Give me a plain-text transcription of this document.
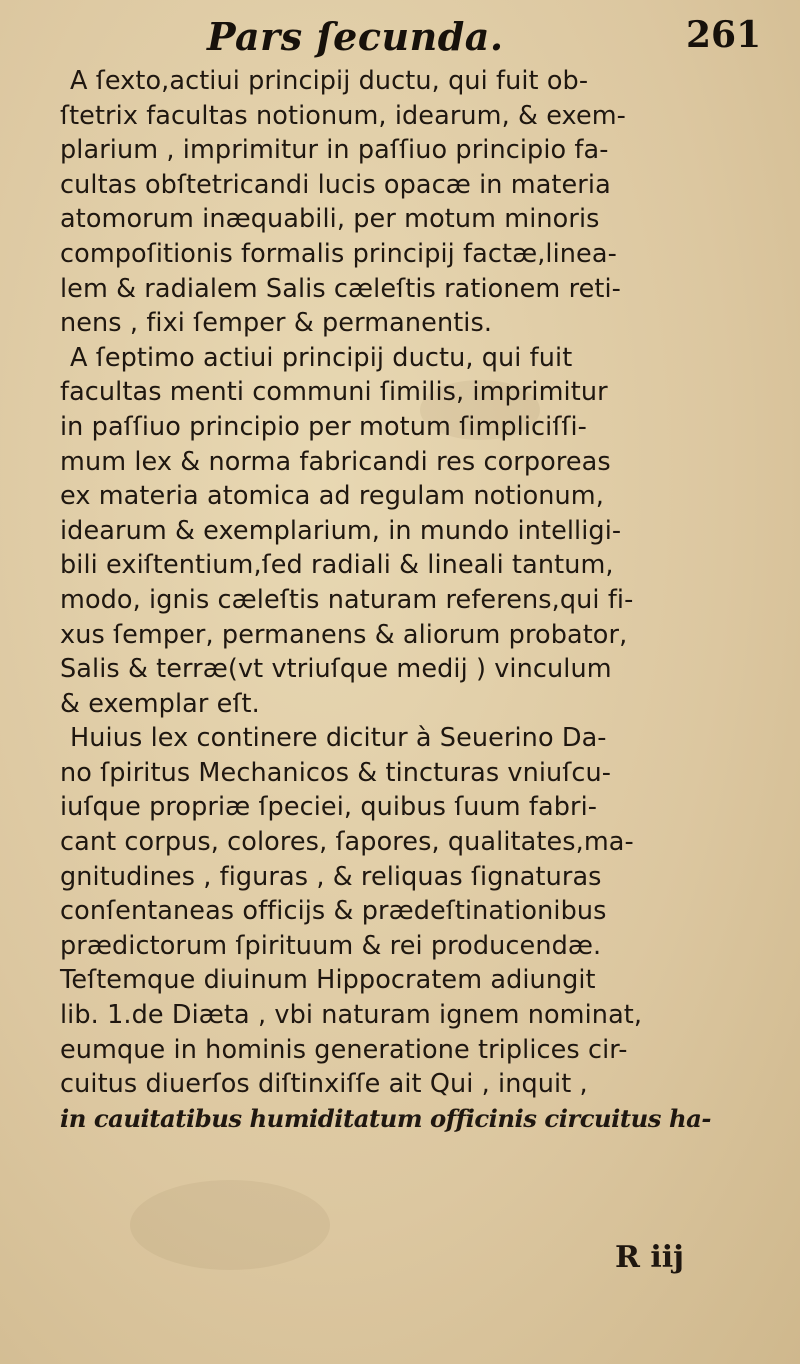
Pars ſecunda.	261
A ſexto,actiui principij ductu, qui fuit ob-
ſtetrix facultas notionum, idearum, & exem-
plarium , imprimitur in paſſiuo principio fa-
cultas obſtetricandi lucis opacæ in materia
atomorum inæquabili, per motum minoris
compoſitionis formalis principij factæ,linea-
lem & radialem Salis cæleſtis rationem reti-
nens , fixi ſemper & permanentis.
A ſeptimo actiui principij ductu, qui fuit
facultas menti communi ſimilis, imprimitur
in paſſiuo principio per motum ſimpliciſſi-
mum lex & norma fabricandi res corporeas
ex materia atomica ad regulam notionum,
idearum & exemplarium, in mundo intelligi-
bili exiſtentium,ſed radiali & lineali tantum,
modo, ignis cæleſtis naturam referens,qui fi-
xus ſemper, permanens & aliorum probator,
Salis & terræ(vt vtriuſque medij ) vinculum
& exemplar eſt.
Huius lex continere dicitur à Seuerino Da-
no ſpiritus Mechanicos & tincturas vniuſcu-
iuſque propriæ ſpeciei, quibus ſuum fabri-
cant corpus, colores, ſapores, qualitates,ma-
gnitudines , figuras , & reliquas ſignaturas
conſentaneas officijs & prædeſtinationibus
prædictorum ſpirituum & rei producendæ.
Teſtemque diuinum Hippocratem adiungit
lib. 1.de Diæta , vbi naturam ignem nominat,
eumque in hominis generatione triplices cir-
cuitus diuerſos diſtinxiſſe ait Qui , inquit ,
in cauitatibus humiditatum officinis circuitus ha-
R iij
